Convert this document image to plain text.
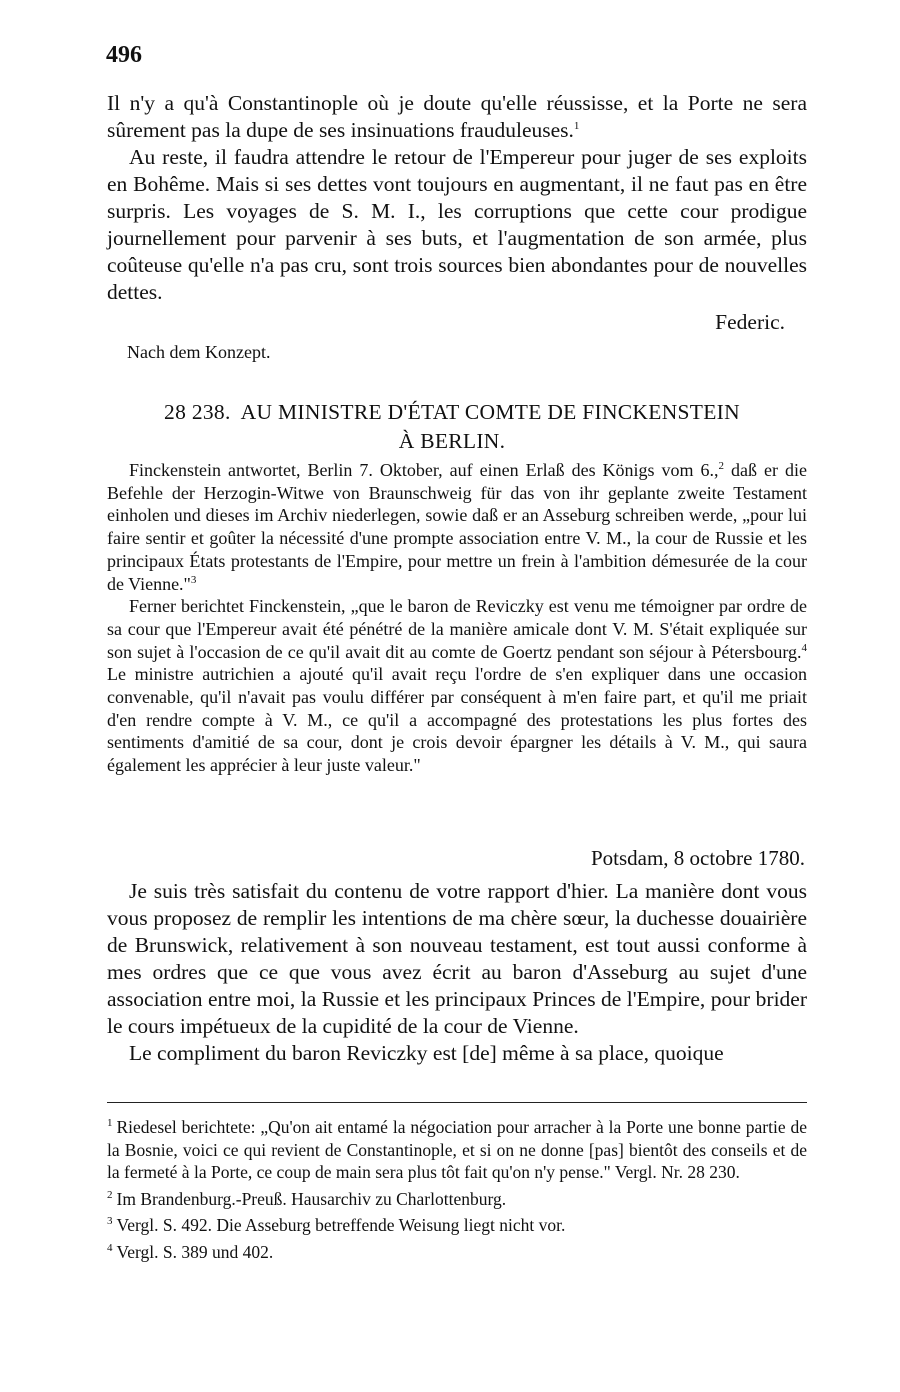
496

Il n'y a qu'à Constantinople où je doute qu'elle réussisse, et la Porte ne sera sûrement pas la dupe de ses insinuations frauduleuses.$^1$

Au reste, il faudra attendre le retour de l'Empereur pour juger de ses exploits en Bohême. Mais si ses dettes vont toujours en augmentant, il ne faut pas en être surpris. Les voyages de S. M. I., les corruptions que cette cour prodigue journellement pour parvenir à ses buts, et l'augmentation de son armée, plus coûteuse qu'elle n'a pas cru, sont trois sources bien abondantes pour de nouvelles dettes.

Federic.
Nach dem Konzept.
28 238. AU MINISTRE D'ÉTAT COMTE DE FINCKENSTEIN
À BERLIN.

Finckenstein antwortet, Berlin 7. Oktober, auf einen Erlaß des Königs vom 6.,$^2$ daß er die Befehle der Herzogin-Witwe von Braunschweig für das von ihr geplante zweite Testament einholen und dieses im Archiv niederlegen, sowie daß er an Asseburg schreiben werde, „pour lui faire sentir et goûter la nécessité d'une prompte association entre V. M., la cour de Russie et les principaux États protestants de l'Empire, pour mettre un frein à l'ambition démesurée de la cour de Vienne."$^3$

Ferner berichtet Finckenstein, „que le baron de Reviczky est venu me témoigner par ordre de sa cour que l'Empereur avait été pénétré de la manière amicale dont V. M. S'était expliquée sur son sujet à l'occasion de ce qu'il avait dit au comte de Goertz pendant son séjour à Pétersbourg.$^4$ Le ministre autrichien a ajouté qu'il avait reçu l'ordre de s'en expliquer dans une occasion convenable, qu'il n'avait pas voulu différer par conséquent à m'en faire part, et qu'il me priait d'en rendre compte à V. M., ce qu'il a accompagné des protestations les plus fortes des sentiments d'amitié de sa cour, dont je crois devoir épargner les détails à V. M., qui saura également les apprécier à leur juste valeur."

Potsdam, 8 octobre 1780.

Je suis très satisfait du contenu de votre rapport d'hier. La manière dont vous vous proposez de remplir les intentions de ma chère sœur, la duchesse douairière de Brunswick, relativement à son nouveau testament, est tout aussi conforme à mes ordres que ce que vous avez écrit au baron d'Asseburg au sujet d'une association entre moi, la Russie et les principaux Princes de l'Empire, pour brider le cours impétueux de la cupidité de la cour de Vienne.

Le compliment du baron Reviczky est [de] même à sa place, quoique

$^1$ Riedesel berichtete: „Qu'on ait entamé la négociation pour arracher à la Porte une bonne partie de la Bosnie, voici ce qui revient de Constantinople, et si on ne donne [pas] bientôt des conseils et de la fermeté à la Porte, ce coup de main sera plus tôt fait qu'on n'y pense." Vergl. Nr. 28 230.

$^2$ Im Brandenburg.-Preuß. Hausarchiv zu Charlottenburg.

$^3$ Vergl. S. 492. Die Asseburg betreffende Weisung liegt nicht vor.

$^4$ Vergl. S. 389 und 402.
